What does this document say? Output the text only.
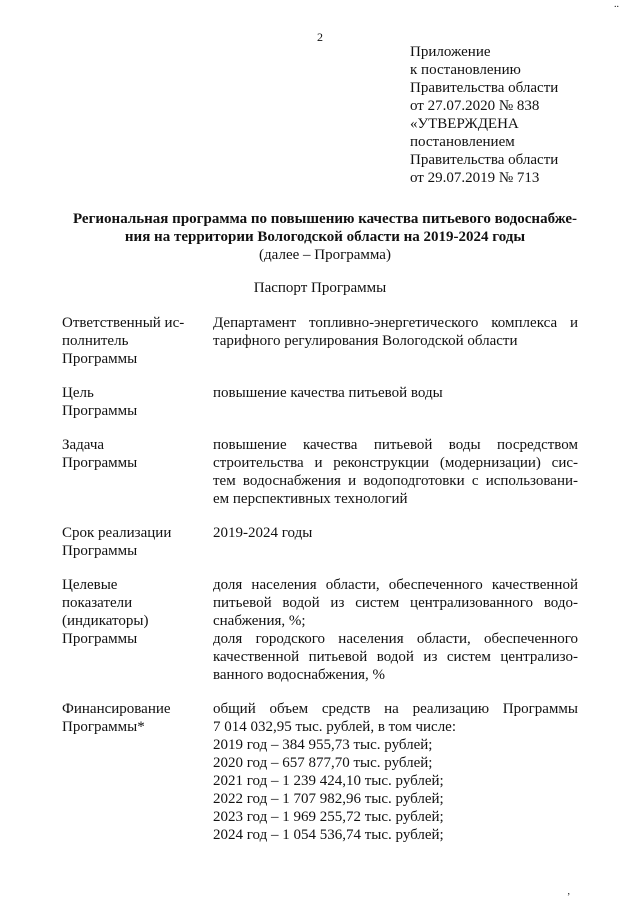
2
..
’
Приложение
к постановлению
Правительства области
от 27.07.2020 № 838
«УТВЕРЖДЕНА
постановлением
Правительства области
от 29.07.2019 № 713
Региональная программа по повышению качества питьевого водоснабже-
ния на территории Вологодской области на 2019-2024 годы
(далее – Программа)
Паспорт Программы
Ответственный ис-
полнитель
Программы
Департамент топливно-энергетического комплекса и
тарифного регулирования Вологодской области
Цель
Программы
повышение качества питьевой воды
Задача
Программы
повышение качества питьевой воды посредством
строительства и реконструкции (модернизации) сис-
тем водоснабжения и водоподготовки с использовани-
ем перспективных технологий
Срок реализации
Программы
2019-2024 годы
Целевые
показатели
(индикаторы)
Программы
доля населения области, обеспеченного качественной
питьевой водой из систем централизованного водо-
снабжения, %;
доля городского населения области, обеспеченного
качественной питьевой водой из систем централизо-
ванного водоснабжения, %
Финансирование
Программы*
общий объем средств на реализацию Программы
7 014 032,95 тыс. рублей, в том числе:
2019 год – 384 955,73 тыс. рублей;
2020 год – 657 877,70 тыс. рублей;
2021 год – 1 239 424,10 тыс. рублей;
2022 год – 1 707 982,96 тыс. рублей;
2023 год – 1 969 255,72 тыс. рублей;
2024 год – 1 054 536,74 тыс. рублей;
